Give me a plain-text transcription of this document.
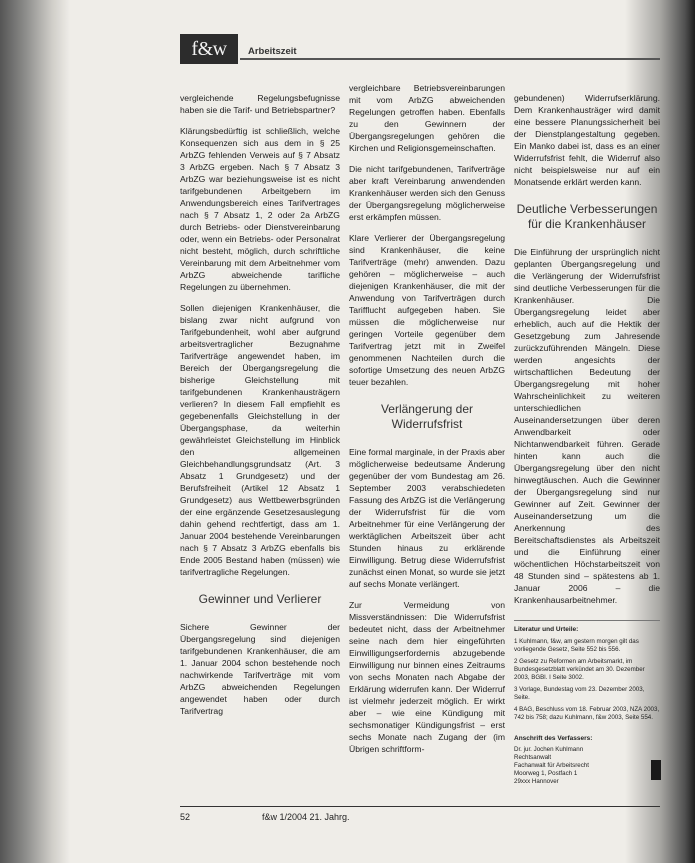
f&w	Arbeitszeit

vergleichende Regelungsbefugnisse haben sie die Tarif- und Betriebspartner?

Klärungsbedürftig ist schließlich, welche Konsequenzen sich aus dem in § 25 ArbZG fehlenden Verweis auf § 7 Absatz 3 ArbZG ergeben. Nach § 7 Absatz 3 ArbZG war beziehungsweise ist es nicht tarifgebundenen Arbeitgebern im Anwendungsbereich eines Tarifvertrages nach § 7 Absatz 1, 2 oder 2a ArbZG durch Betriebs- oder Dienstvereinbarung oder, wenn ein Betriebs- oder Personalrat nicht besteht, möglich, durch schriftliche Vereinbarung mit dem Arbeitnehmer vom ArbZG abweichende tarifliche Regelungen zu übernehmen.

Sollen diejenigen Krankenhäuser, die bislang zwar nicht aufgrund von Tarifgebundenheit, wohl aber aufgrund arbeitsvertraglicher Bezugnahme Tarifverträge angewendet haben, im Bereich der Übergangsregelung die bisherige Gleichstellung mit tarifgebundenen Krankenhausträgern verlieren? In diesem Fall empfiehlt es gegebenenfalls Gleichstellung in der Übergangsphase, da weiterhin gewährleistet Gleichstellung im Hinblick den allgemeinen Gleichbehandlungsgrundsatz (Art. 3 Absatz 1 Grundgesetz) und der Berufsfreiheit (Artikel 12 Absatz 1 Grundgesetz) aus Wettbewerbsgründen der eine ergänzende Gesetzesauslegung dahin gehend rechtfertigt, dass am 1. Januar 2004 bestehende Vereinbarungen nach § 7 Absatz 3 ArbZG ebenfalls bis Ende 2005 Bestand haben (müssen) wie tarifvertragliche Regelungen.

Gewinner und Verlierer

Sichere Gewinner der Übergangsregelung sind diejenigen tarifgebundenen Krankenhäuser, die am 1. Januar 2004 schon bestehende noch nachwirkende Tarifverträge mit vom ArbZG abweichenden Regelungen angewendet haben oder durch Tarifvertrag

vergleichbare Betriebsvereinbarungen mit vom ArbZG abweichenden Regelungen getroffen haben. Ebenfalls zu den Gewinnern der Übergangsregelungen gehören die Kirchen und Religionsgemeinschaften.

Die nicht tarifgebundenen, Tarifverträge aber kraft Vereinbarung anwendenden Krankenhäuser werden sich den Genuss der Übergangsregelung möglicherweise erst erkämpfen müssen.

Klare Verlierer der Übergangsregelung sind Krankenhäuser, die keine Tarifverträge (mehr) anwenden. Dazu gehören – möglicherweise – auch diejenigen Krankenhäuser, die mit der Anwendung von Tarifverträgen durch Tarifflucht aufgegeben haben. Sie müssen die möglicherweise nur geringen Vorteile gegenüber dem Tarifvertrag jetzt mit in Zweifel genommenen Nachteilen durch die sofortige Umsetzung des neuen ArbZG teuer bezahlen.

Verlängerung der Widerrufsfrist

Eine formal marginale, in der Praxis aber möglicherweise bedeutsame Änderung gegenüber der vom Bundestag am 26. September 2003 verabschiedeten Fassung des ArbZG ist die Verlängerung der Widerrufsfrist für die vom Arbeitnehmer für eine Verlängerung der werktäglichen Arbeitszeit über acht Stunden hinaus zu erklärende Einwilligung. Betrug diese Widerrufsfrist zunächst einen Monat, so wurde sie jetzt auf sechs Monate verlängert.

Zur Vermeidung von Missverständnissen: Die Widerrufsfrist bedeutet nicht, dass der Arbeitnehmer seine nach dem hier eingeführten Einwilligungserfordernis abzugebende Einwilligung nur binnen eines Zeitraums von sechs Monaten nach Abgabe der Erklärung widerrufen kann. Der Widerruf ist vielmehr jederzeit möglich. Er wirkt aber – wie eine Kündigung mit sechsmonatiger Kündigungsfrist – erst sechs Monate nach Zugang der (im Übrigen schriftform-

gebundenen) Widerrufserklärung. Dem Krankenhausträger wird damit eine bessere Planungssicherheit bei der Dienstplangestaltung gegeben. Ein Manko dabei ist, dass es an einer Widerrufsfrist fehlt, die Widerruf also nicht beispielsweise nur auf ein Monatsende erklärt werden kann.

Deutliche Verbesserungen für die Krankenhäuser

Die Einführung der ursprünglich nicht geplanten Übergangsregelung und die Verlängerung der Widerrufsfrist sind deutliche Verbesserungen für die Krankenhäuser. Die Übergangsregelung leidet aber erheblich, auch auf die Hektik der Gesetzgebung zum Jahresende zurückzuführenden Mängeln. Diese werden angesichts der wirtschaftlichen Bedeutung der Übergangsregelung mit hoher Wahrscheinlichkeit zu weiteren unterschiedlichen Auseinandersetzungen über deren Anwendbarkeit oder Nichtanwendbarkeit führen. Gerade hinten kann auch die Übergangsregelung über den nicht hinwegtäuschen. Auch die Gewinner der Übergangsregelung sind nur Gewinner auf Zeit. Gewinner der Auseinandersetzung um die Anerkennung des Bereitschaftsdienstes als Arbeitszeit und die Einführung einer wöchentlichen Höchstarbeitszeit von 48 Stunden sind – spätestens ab 1. Januar 2006 – die Krankenhausarbeitnehmer.

Literatur und Urteile:

1 Kuhlmann, f&w, am gestern morgen gilt das vorliegende Gesetz, Seite 552 bis 556.

2 Gesetz zu Reformen am Arbeitsmarkt, im Bundesgesetzblatt verkündet am 30. Dezember 2003, BGBl. I Seite 3002.

3 Vorlage, Bundestag vom 23. Dezember 2003, Seite.

4 BAG, Beschluss vom 18. Februar 2003, NZA 2003, 742 bis 758; dazu Kuhlmann, f&w 2003, Seite 554.

Anschrift des Verfassers:

Dr. jur. Jochen Kuhlmann

Rechtsanwalt

Fachanwalt für Arbeitsrecht

Moorweg 1, Postfach 1

29xxx Hannover

52	f&w 1/2004 21. Jahrg.
